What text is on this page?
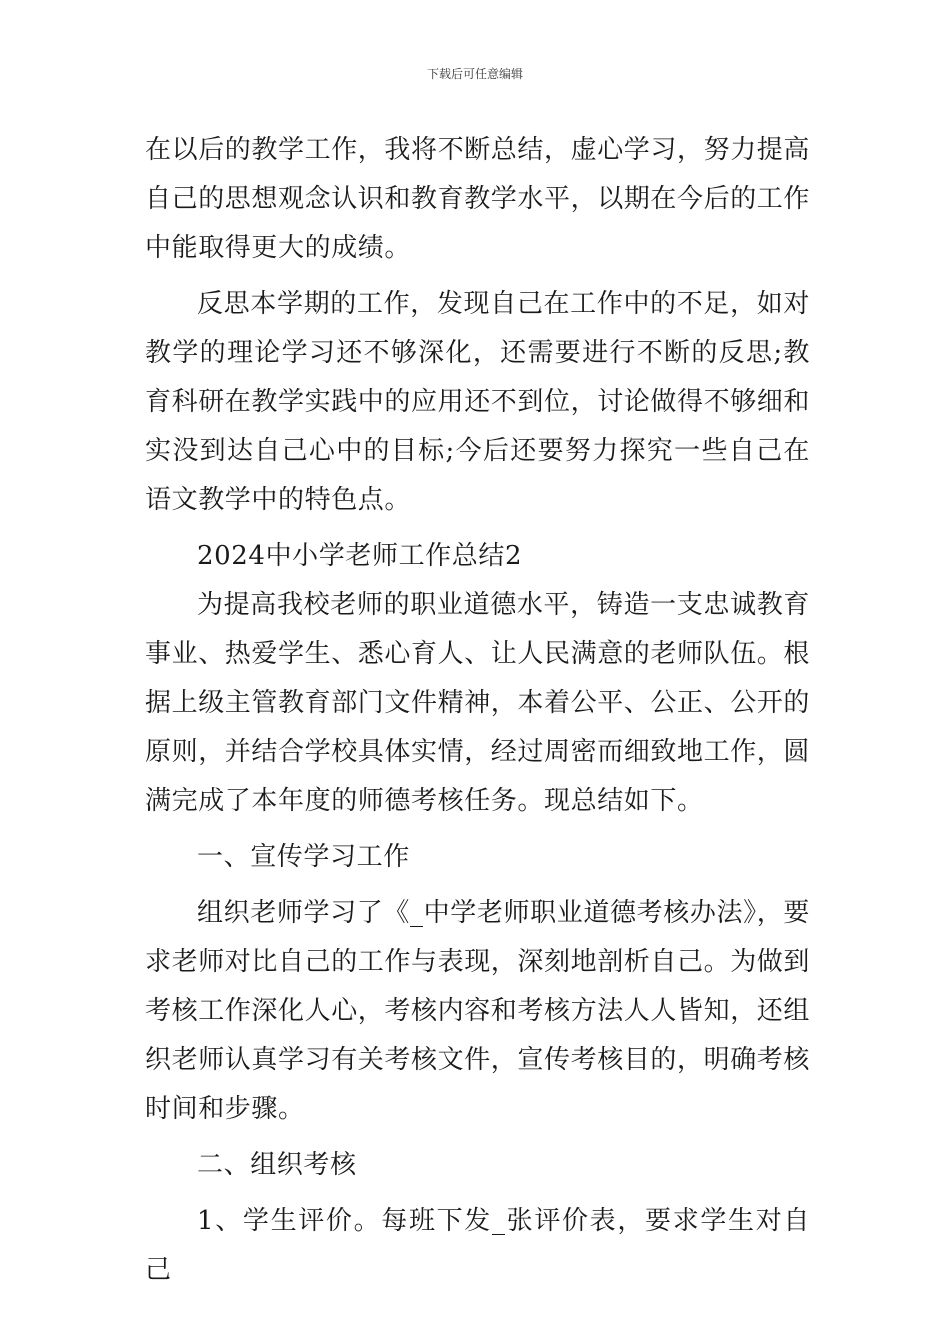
下载后可任意编辑

在以后的教学工作，我将不断总结，虚心学习，努力提高自己的思想观念认识和教育教学水平，以期在今后的工作中能取得更大的成绩。

反思本学期的工作，发现自己在工作中的不足，如对教学的理论学习还不够深化，还需要进行不断的反思;教育科研在教学实践中的应用还不到位，讨论做得不够细和实没到达自己心中的目标;今后还要努力探究一些自己在语文教学中的特色点。

2024中小学老师工作总结2

为提高我校老师的职业道德水平，铸造一支忠诚教育事业、热爱学生、悉心育人、让人民满意的老师队伍。根据上级主管教育部门文件精神，本着公平、公正、公开的原则，并结合学校具体实情，经过周密而细致地工作，圆满完成了本年度的师德考核任务。现总结如下。

一、宣传学习工作

组织老师学习了《_中学老师职业道德考核办法》，要求老师对比自己的工作与表现，深刻地剖析自己。为做到考核工作深化人心，考核内容和考核方法人人皆知，还组织老师认真学习有关考核文件，宣传考核目的，明确考核时间和步骤。

二、组织考核

1、学生评价。每班下发_张评价表，要求学生对自己
